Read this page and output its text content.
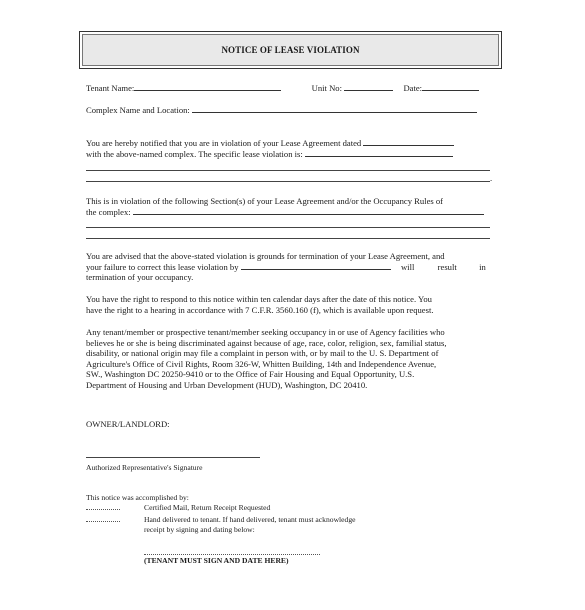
NOTICE OF LEASE VIOLATION
Tenant Name:	Unit No:	Date:
Complex Name and Location:
You are hereby notified that you are in violation of your Lease Agreement dated
with the above-named complex. The specific lease violation is:
.
This is in violation of the following Section(s) of your Lease Agreement and/or the Occupancy Rules of
the complex:
You are advised that the above-stated violation is grounds for termination of your Lease Agreement, and
your failure to correct this lease violation by	will	result	in
termination of your occupancy.
You have the right to respond to this notice within ten calendar days after the date of this notice. You
have the right to a hearing in accordance with 7 C.F.R. 3560.160 (f), which is available upon request.
Any tenant/member or prospective tenant/member seeking occupancy in or use of Agency facilities who
believes he or she is being discriminated against because of age, race, color, religion, sex, familial status,
disability, or national origin may file a complaint in person with, or by mail to the U. S. Department of
Agriculture's Office of Civil Rights, Room 326-W, Whitten Building, 14th and Independence Avenue,
SW., Washington DC 20250-9410 or to the Office of Fair Housing and Equal Opportunity, U.S.
Department of Housing and Urban Development (HUD), Washington, DC 20410.
OWNER/LANDLORD:
Authorized Representative's Signature
This notice was accomplished by:
Certified Mail, Return Receipt Requested
Hand delivered to tenant. If hand delivered, tenant must acknowledge
receipt by signing and dating below:
(TENANT MUST SIGN AND DATE HERE)
